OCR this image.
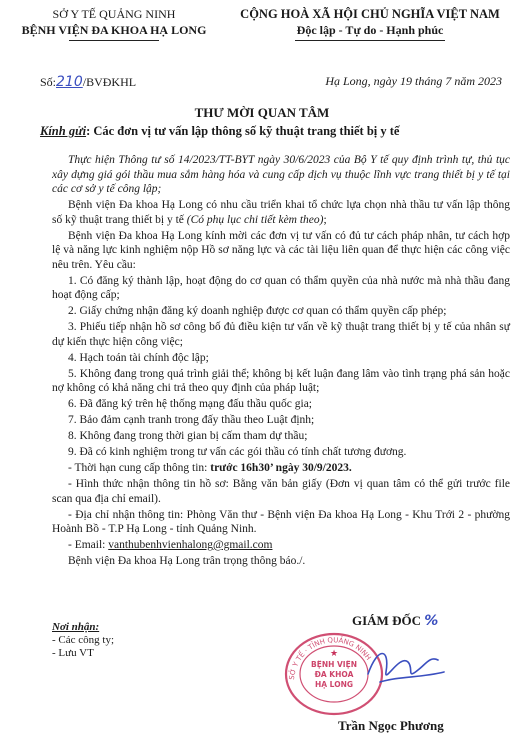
SỞ Y TẾ QUẢNG NINH
BỆNH VIỆN ĐA KHOA HẠ LONG
CỘNG HOÀ XÃ HỘI CHỦ NGHĨA VIỆT NAM
Độc lập - Tự do - Hạnh phúc
Số:210/BVĐKHL	Hạ Long, ngày 19 tháng 7 năm 2023
THƯ MỜI QUAN TÂM
Kính gửi: Các đơn vị tư vấn lập thông số kỹ thuật trang thiết bị y tế

Thực hiện Thông tư số 14/2023/TT-BYT ngày 30/6/2023 của Bộ Y tế quy định trình tự, thủ tục xây dựng giá gói thầu mua sắm hàng hóa và cung cấp dịch vụ thuộc lĩnh vực trang thiết bị y tế tại các cơ sở y tế công lập;

Bệnh viện Đa khoa Hạ Long có nhu cầu triển khai tổ chức lựa chọn nhà thầu tư vấn lập thông số kỹ thuật trang thiết bị y tế (Có phụ lục chi tiết kèm theo);

Bệnh viện Đa khoa Hạ Long kính mời các đơn vị tư vấn có đủ tư cách pháp nhân, tư cách hợp lệ và năng lực kinh nghiệm nộp Hồ sơ năng lực và các tài liệu liên quan để thực hiện các công việc nêu trên. Yêu cầu:

1. Có đăng ký thành lập, hoạt động do cơ quan có thẩm quyền của nhà nước mà nhà thầu đang hoạt động cấp;

2. Giấy chứng nhận đăng ký doanh nghiệp được cơ quan có thẩm quyền cấp phép;

3. Phiếu tiếp nhận hồ sơ công bố đủ điều kiện tư vấn về kỹ thuật trang thiết bị y tế của nhân sự dự kiến thực hiện công việc;

4. Hạch toán tài chính độc lập;

5. Không đang trong quá trình giải thể; không bị kết luận đang lâm vào tình trạng phá sản hoặc nợ không có khả năng chi trả theo quy định của pháp luật;

6. Đã đăng ký trên hệ thống mạng đấu thầu quốc gia;

7. Bảo đảm cạnh tranh trong đấy thầu theo Luật định;

8. Không đang trong thời gian bị cấm tham dự thầu;

9. Đã có kinh nghiệm trong tư vấn các gói thầu có tính chất tương đương.

- Thời hạn cung cấp thông tin: trước 16h30’ ngày 30/9/2023.

- Hình thức nhận thông tin hồ sơ: Bằng văn bản giấy (Đơn vị quan tâm có thể gửi trước file scan qua địa chỉ email).

- Địa chỉ nhận thông tin: Phòng Văn thư - Bệnh viện Đa khoa Hạ Long - Khu Trới 2 - phường Hoành Bồ - T.P Hạ Long - tỉnh Quảng Ninh.

- Email: vanthubenhvienhalong@gmail.com

Bệnh viện Đa khoa Hạ Long trân trọng thông báo./.

Nơi nhận:
- Các công ty;
- Lưu VT
GIÁM ĐỐC %
SỞ Y TẾ · TỈNH QUẢNG NINH
BỆNH VIỆN
ĐA KHOA
HẠ LONG
★
Trần Ngọc Phương
